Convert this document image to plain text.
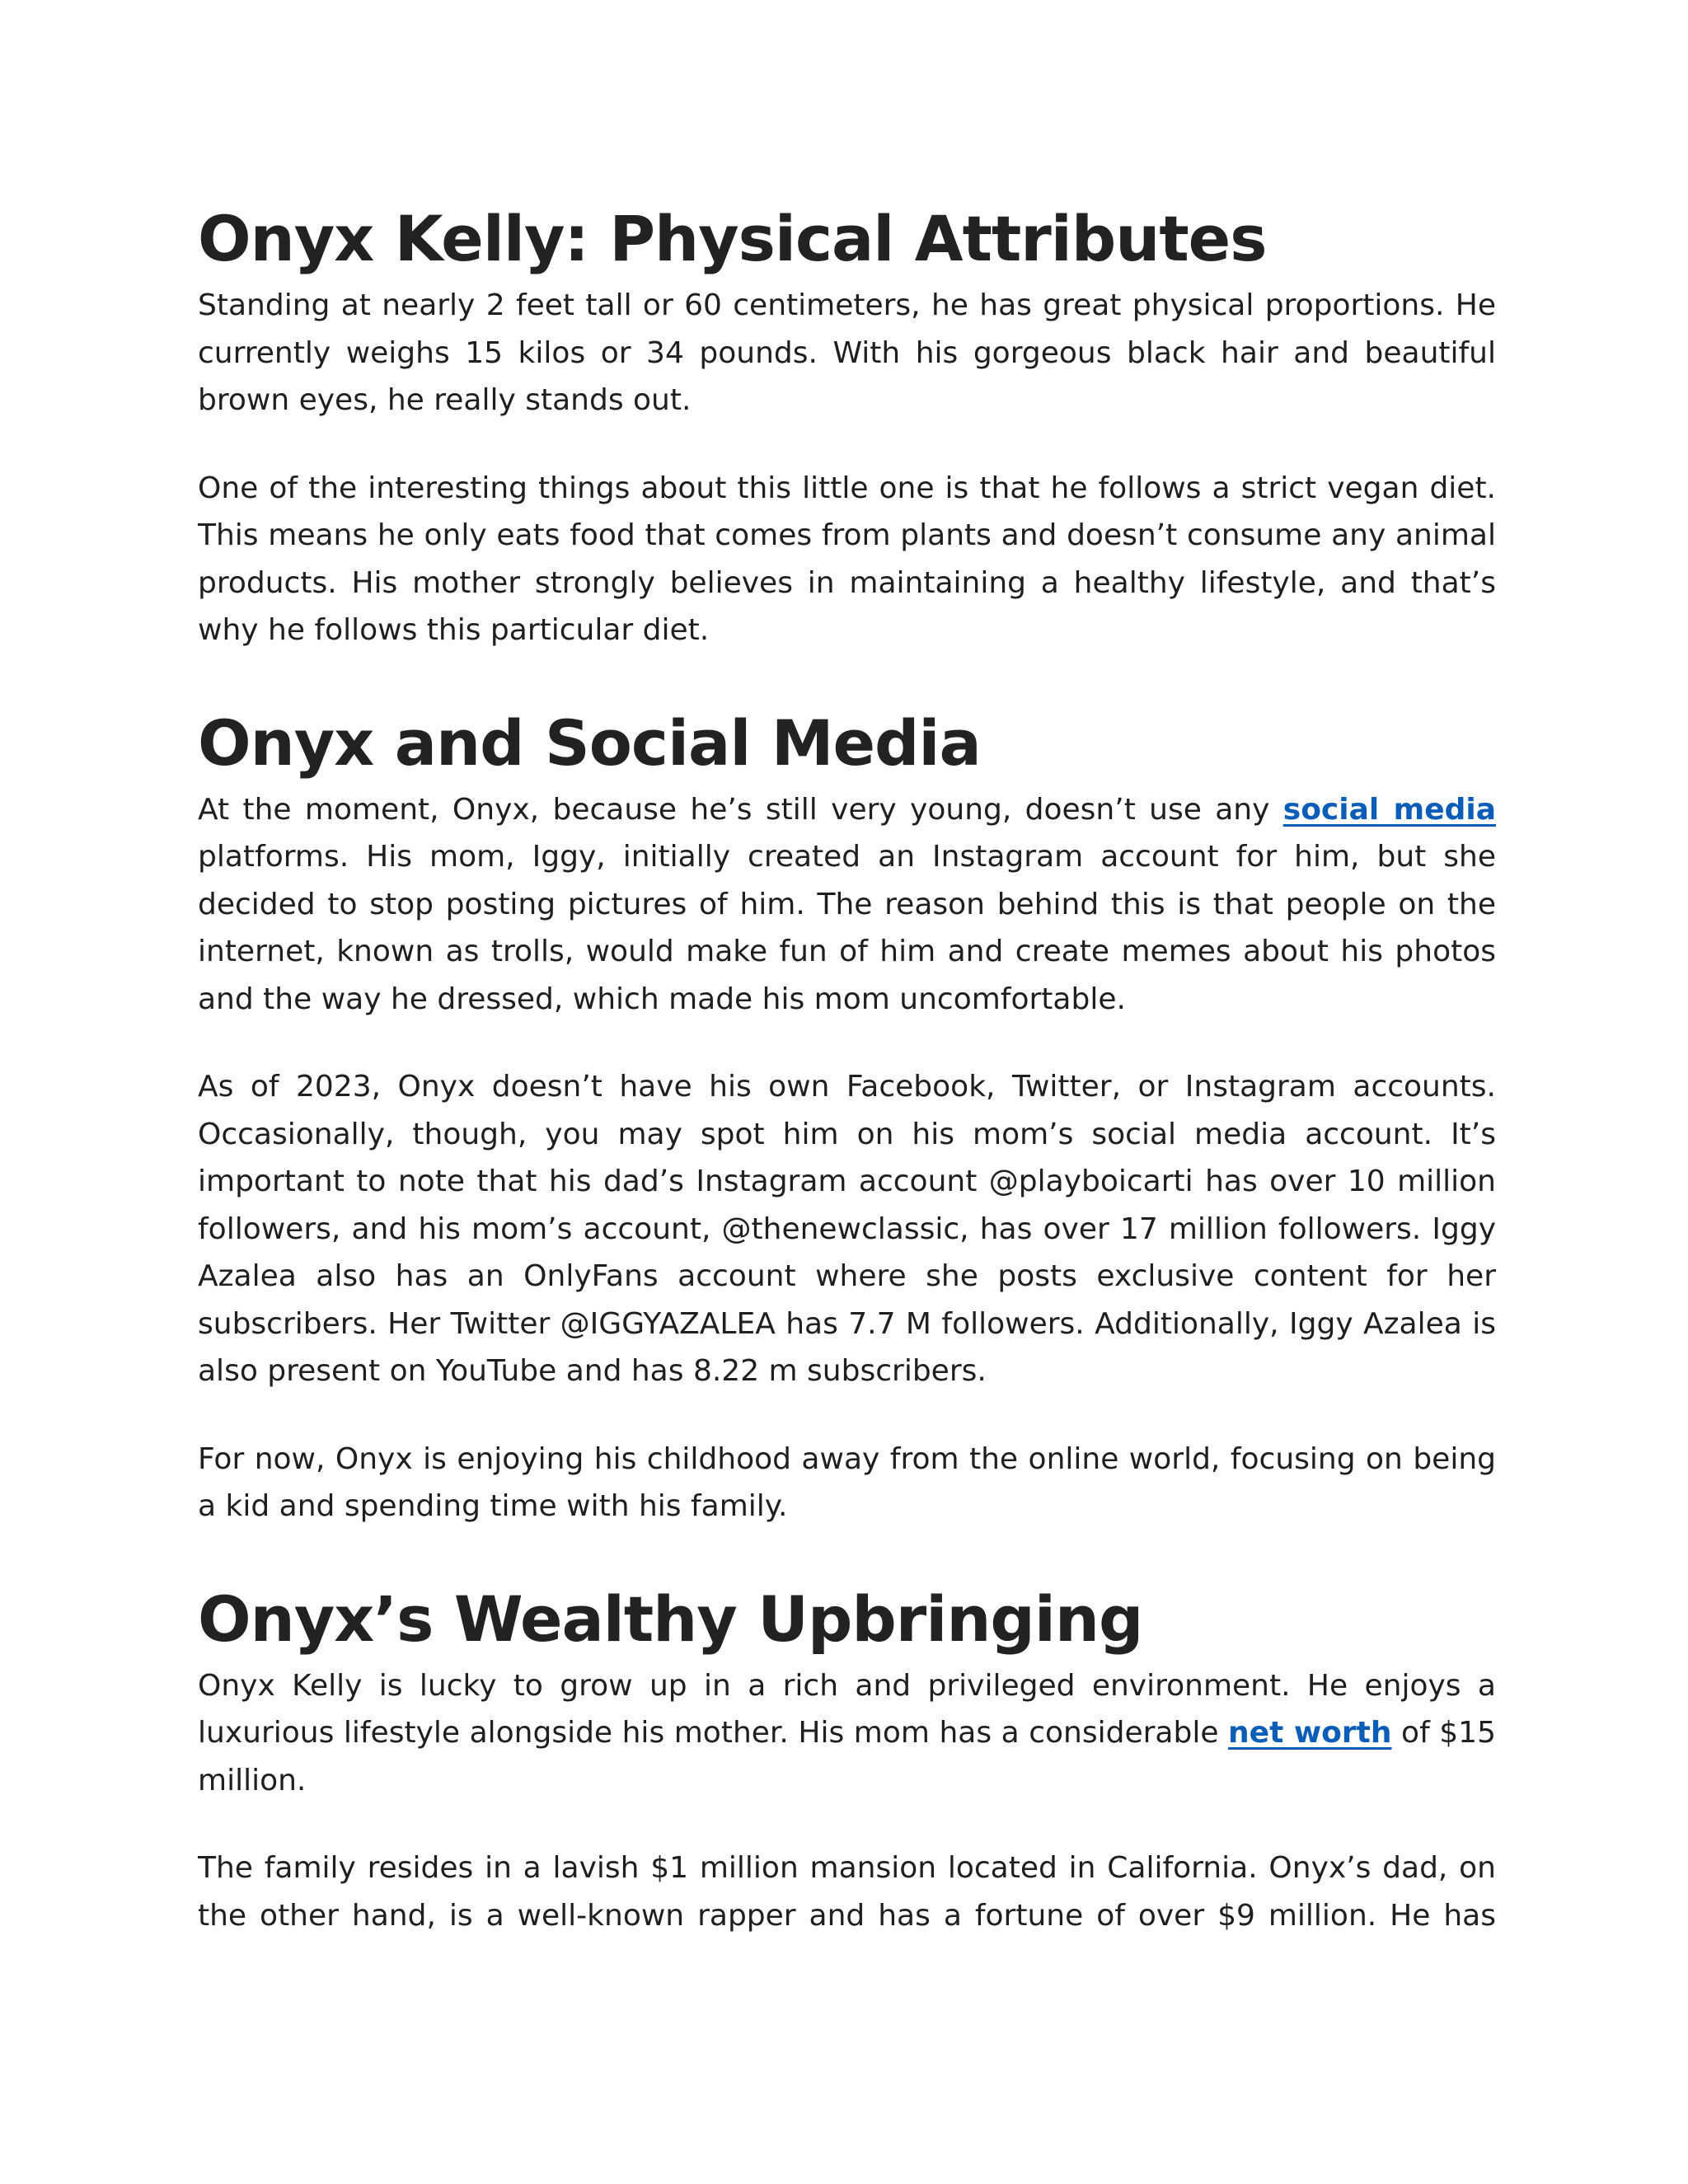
Onyx Kelly: Physical Attributes

Standing at nearly 2 feet tall or 60 centimeters, he has great physical proportions. He currently weighs 15 kilos or 34 pounds. With his gorgeous black hair and beautiful brown eyes, he really stands out.

One of the interesting things about this little one is that he follows a strict vegan diet. This means he only eats food that comes from plants and doesn’t consume any animal products. His mother strongly believes in maintaining a healthy lifestyle, and that’s why he follows this particular diet.

Onyx and Social Media

At the moment, Onyx, because he’s still very young, doesn’t use any social media platforms. His mom, Iggy, initially created an Instagram account for him, but she decided to stop posting pictures of him. The reason behind this is that people on the internet, known as trolls, would make fun of him and create memes about his photos and the way he dressed, which made his mom uncomfortable.

As of 2023, Onyx doesn’t have his own Facebook, Twitter, or Instagram accounts. Occasionally, though, you may spot him on his mom’s social media account. It’s important to note that his dad’s Instagram account @playboicarti has over 10 million followers, and his mom’s account, @thenewclassic, has over 17 million followers. Iggy Azalea also has an OnlyFans account where she posts exclusive content for her subscribers. Her Twitter @IGGYAZALEA has 7.7 M followers. Additionally, Iggy Azalea is also present on YouTube and has 8.22 m subscribers.

For now, Onyx is enjoying his childhood away from the online world, focusing on being a kid and spending time with his family.

Onyx’s Wealthy Upbringing

Onyx Kelly is lucky to grow up in a rich and privileged environment. He enjoys a luxurious lifestyle alongside his mother. His mom has a considerable net worth of $15 million.

The family resides in a lavish $1 million mansion located in California. Onyx’s dad, on the other hand, is a well-known rapper and has a fortune of over $9 million. He has
